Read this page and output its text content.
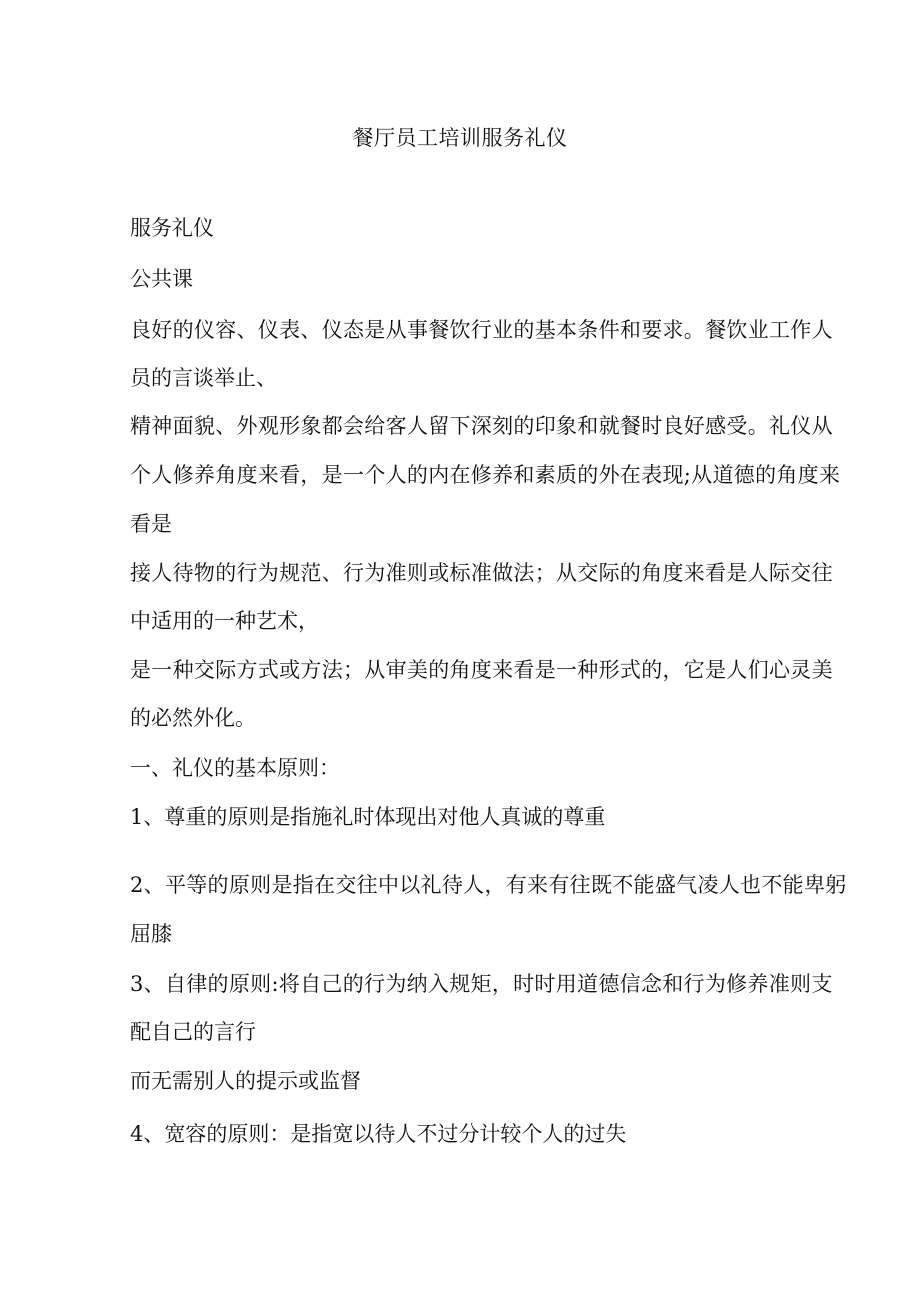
餐厅员工培训服务礼仪
服务礼仪
公共课
良好的仪容、仪表、仪态是从事餐饮行业的基本条件和要求。餐饮业工作人
员的言谈举止、
精神面貌、外观形象都会给客人留下深刻的印象和就餐时良好感受。礼仪从
个人修养角度来看，是一个人的内在修养和素质的外在表现;从道德的角度来
看是
接人待物的行为规范、行为准则或标准做法；从交际的角度来看是人际交往
中适用的一种艺术，
是一种交际方式或方法；从审美的角度来看是一种形式的，它是人们心灵美
的必然外化。
一、礼仪的基本原则：
1、尊重的原则是指施礼时体现出对他人真诚的尊重
2、平等的原则是指在交往中以礼待人，有来有往既不能盛气凌人也不能卑躬
屈膝
3、自律的原则:将自己的行为纳入规矩，时时用道德信念和行为修养准则支
配自己的言行
而无需别人的提示或监督
4、宽容的原则：是指宽以待人不过分计较个人的过失
